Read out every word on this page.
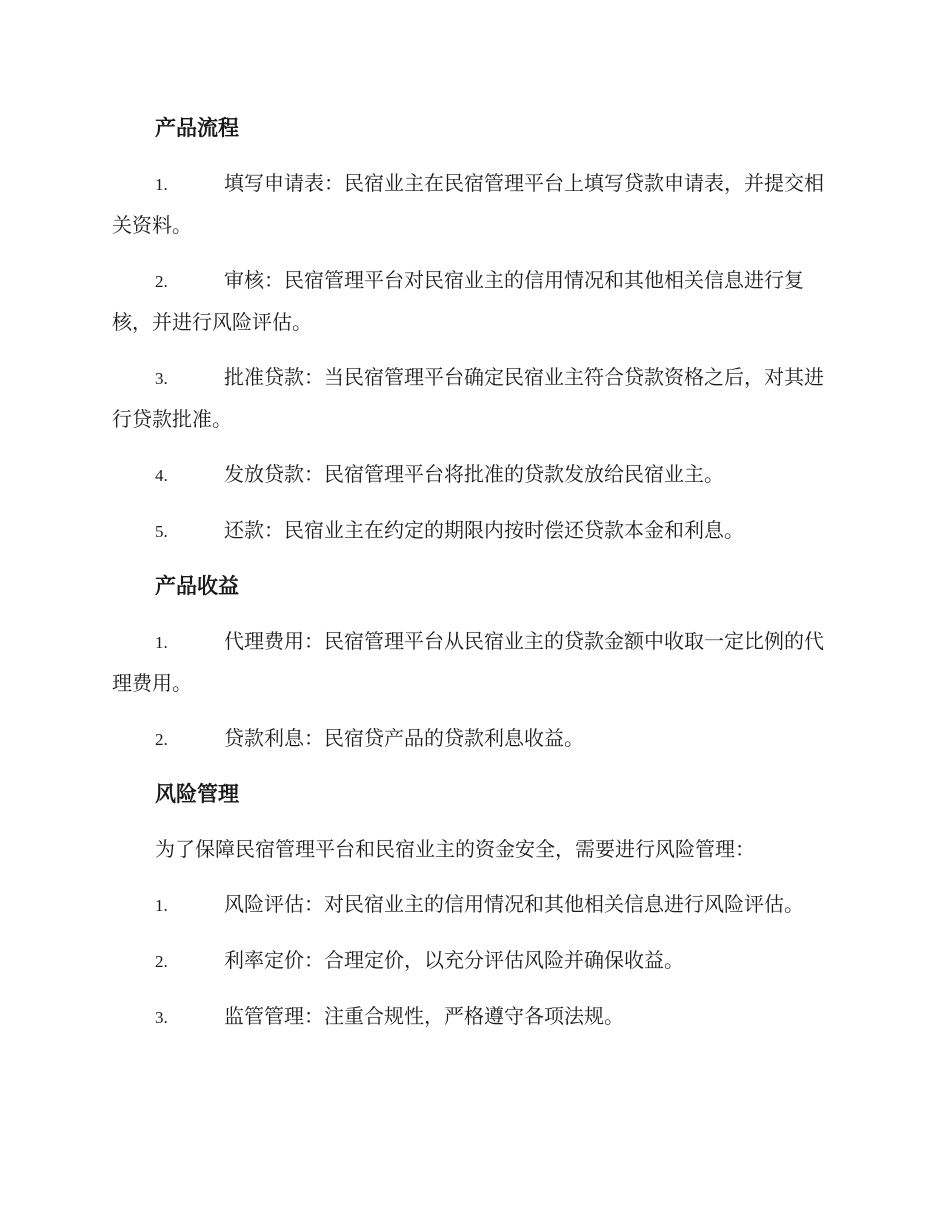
产品流程
1.	填写申请表：民宿业主在民宿管理平台上填写贷款申请表，并提交相关资料。
2.	审核：民宿管理平台对民宿业主的信用情况和其他相关信息进行复核，并进行风险评估。
3.	批准贷款：当民宿管理平台确定民宿业主符合贷款资格之后，对其进行贷款批准。
4.	发放贷款：民宿管理平台将批准的贷款发放给民宿业主。
5.	还款：民宿业主在约定的期限内按时偿还贷款本金和利息。
产品收益
1.	代理费用：民宿管理平台从民宿业主的贷款金额中收取一定比例的代理费用。
2.	贷款利息：民宿贷产品的贷款利息收益。
风险管理
为了保障民宿管理平台和民宿业主的资金安全，需要进行风险管理：
1.	风险评估：对民宿业主的信用情况和其他相关信息进行风险评估。
2.	利率定价：合理定价，以充分评估风险并确保收益。
3.	监管管理：注重合规性，严格遵守各项法规。
